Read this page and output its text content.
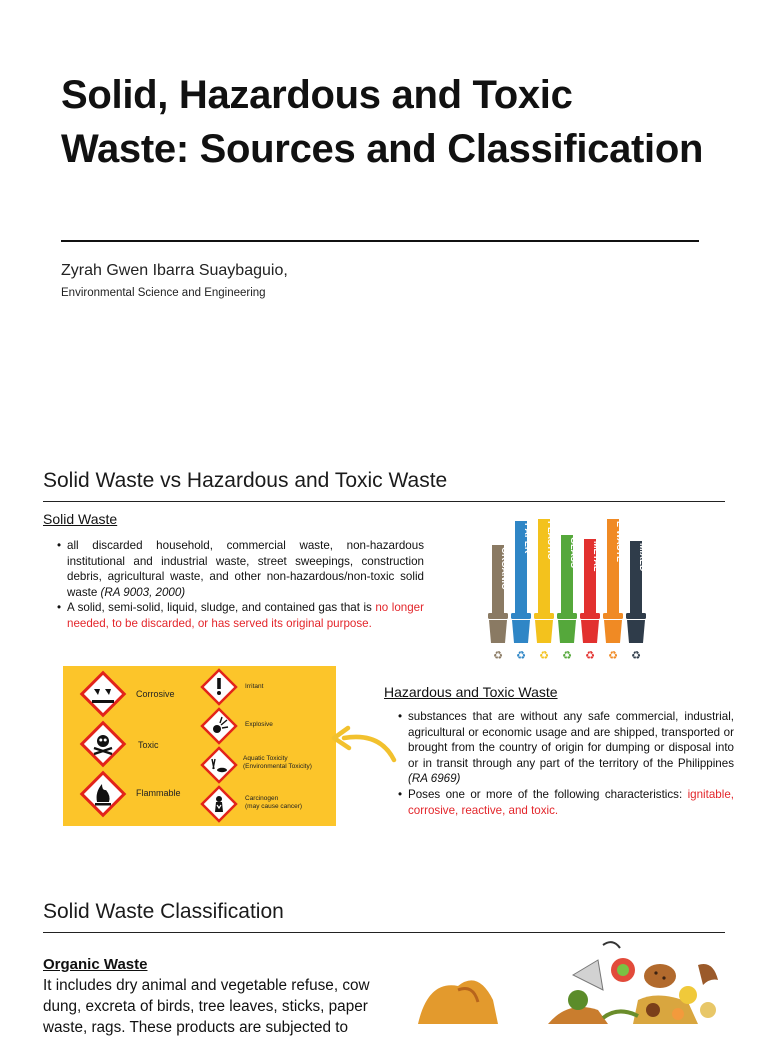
Solid, Hazardous and Toxic Waste: Sources and Classification
Zyrah Gwen Ibarra Suaybaguio,
Environmental Science and Engineering
Solid Waste vs Hazardous and Toxic Waste
Solid Waste
• all discarded household, commercial waste, non-hazardous institutional and industrial waste, street sweepings, construction debris, agricultural waste, and other non-hazardous/non-toxic solid waste (RA 9003, 2000)
• A solid, semi-solid, liquid, sludge, and contained gas that is no longer needed, to be discarded, or has served its original purpose.
ORGANIC
♻
PAPER
♻
PLASTIC
♻
GLASS
♻
METAL
♻
E-WASTE
♻
MIXED
♻
Corrosive
Toxic
Flammable
Irritant
Explosive
Aquatic Toxicity
(Environmental Toxicity)
Carcinogen
(may cause cancer)
Hazardous and Toxic Waste
• substances that are without any safe commercial, industrial, agricultural or economic usage and are shipped, transported or brought from the country of origin for dumping or disposal into or in transit through any part of the territory of the Philippines (RA 6969)
• Poses one or more of the following characteristics: ignitable, corrosive, reactive, and toxic.
Solid Waste Classification
Organic Waste
It includes dry animal and vegetable refuse, cow dung, excreta of birds, tree leaves, sticks, paper waste, rags. These products are subjected to
